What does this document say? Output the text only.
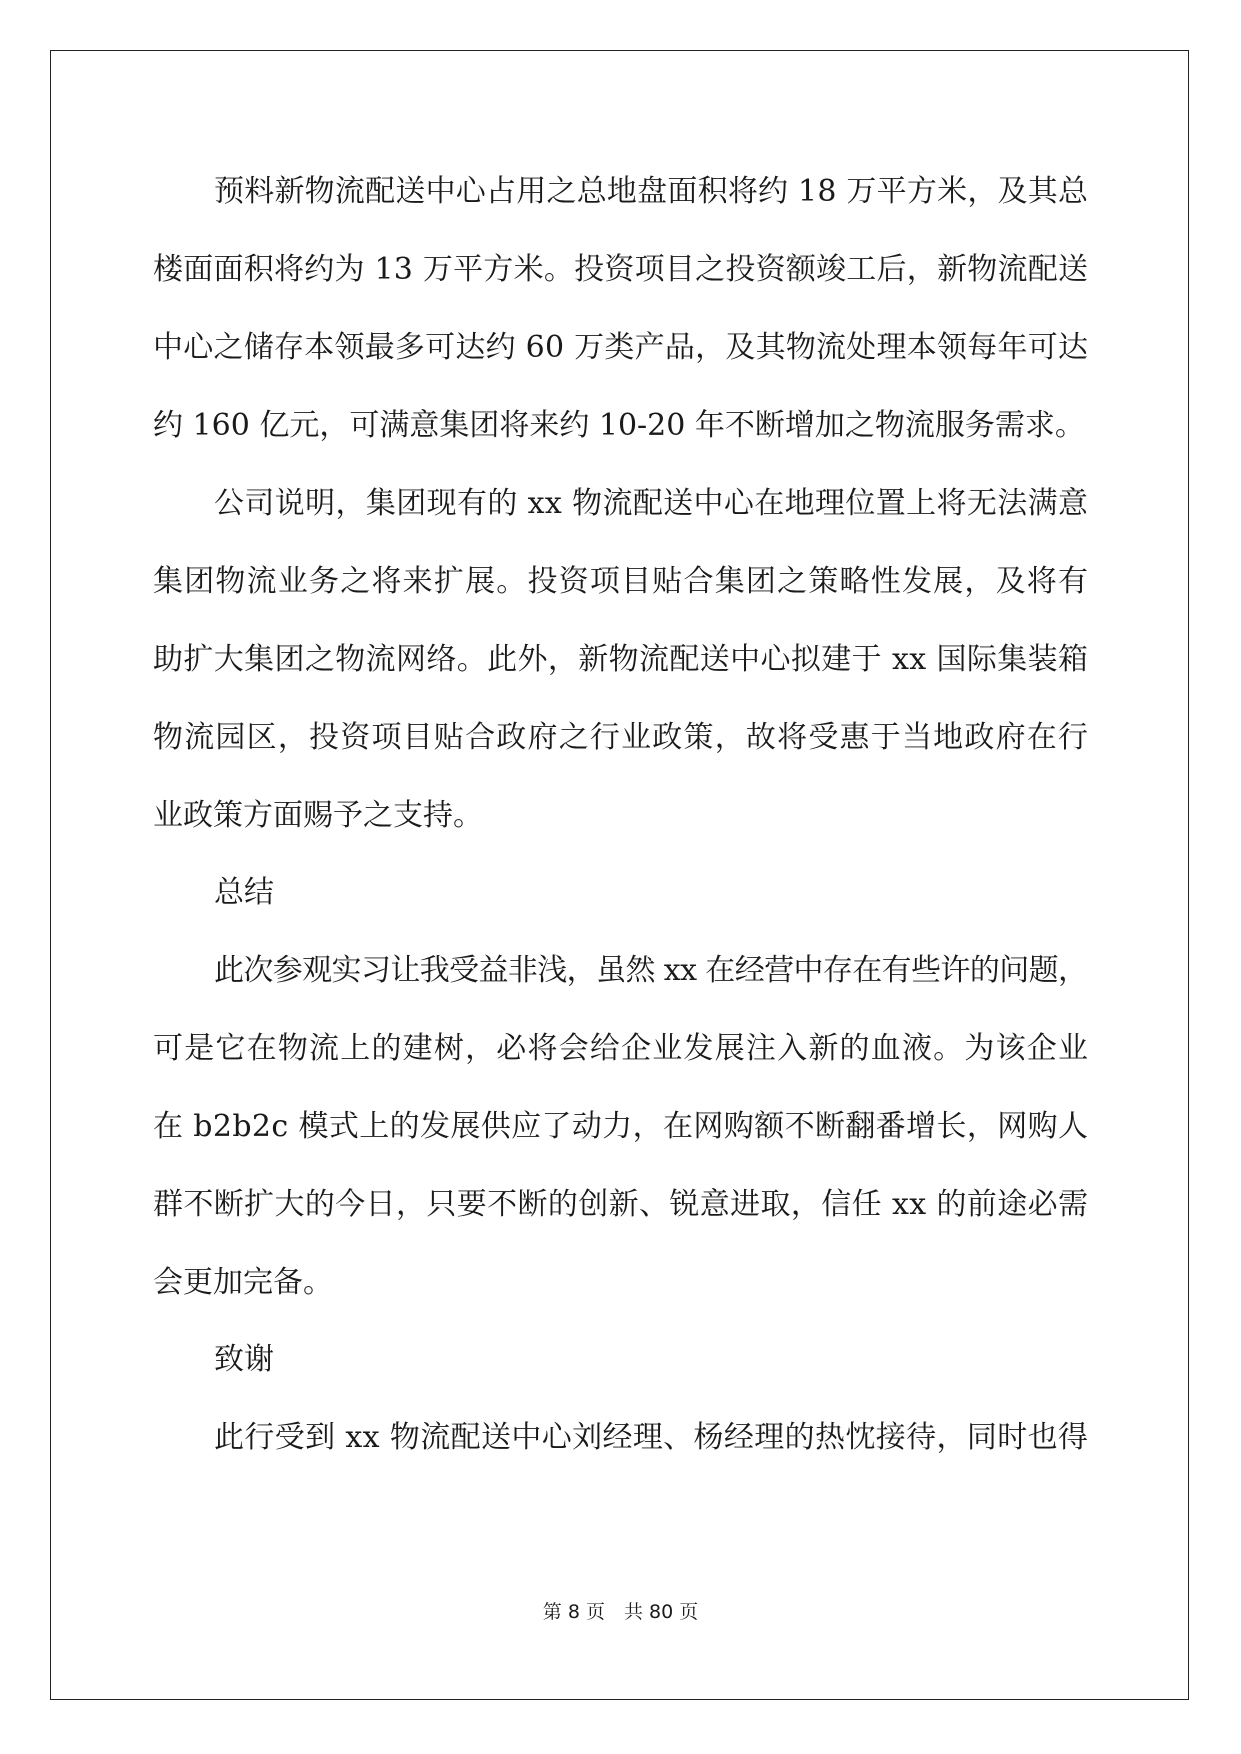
预料新物流配送中心占用之总地盘面积将约 18 万平方米，及其总
楼面面积将约为 13 万平方米。投资项目之投资额竣工后，新物流配送
中心之储存本领最多可达约 60 万类产品，及其物流处理本领每年可达
约 160 亿元，可满意集团将来约 10-20 年不断增加之物流服务需求。
公司说明，集团现有的 xx 物流配送中心在地理位置上将无法满意
集团物流业务之将来扩展。投资项目贴合集团之策略性发展，及将有
助扩大集团之物流网络。此外，新物流配送中心拟建于 xx 国际集装箱
物流园区，投资项目贴合政府之行业政策，故将受惠于当地政府在行
业政策方面赐予之支持。
总结
此次参观实习让我受益非浅，虽然 xx 在经营中存在有些许的问题，
可是它在物流上的建树，必将会给企业发展注入新的血液。为该企业
在 b2b2c 模式上的发展供应了动力，在网购额不断翻番增长，网购人
群不断扩大的今日，只要不断的创新、锐意进取，信任 xx 的前途必需
会更加完备。
致谢
此行受到 xx 物流配送中心刘经理、杨经理的热忱接待，同时也得
第 8 页　共 80 页
